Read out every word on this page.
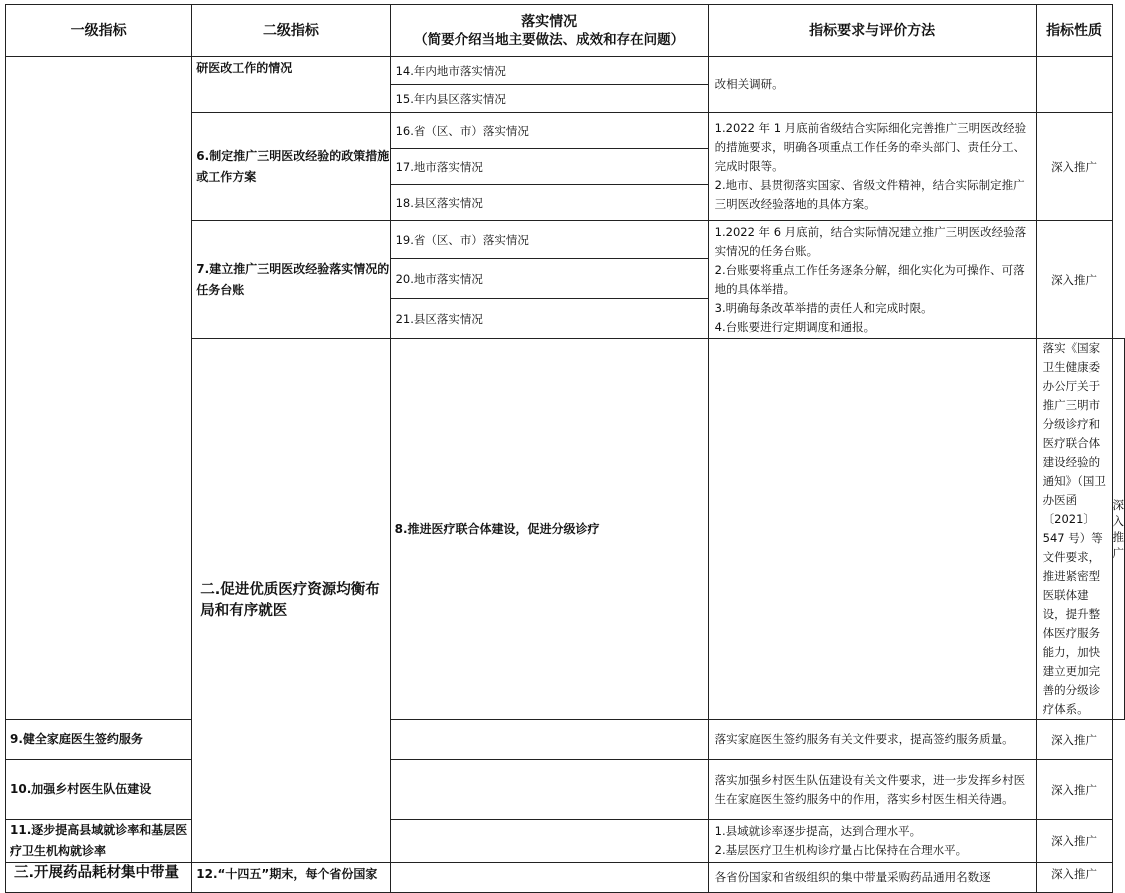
一级指标	二级指标	落实情况
（简要介绍当地主要做法、成效和存在问题）	指标要求与评价方法	指标性质	
	研医改工作的情况	14.年内地市落实情况	改相关调研。		

		15.年内县区落实情况			
	6.制定推广三明医改经验的政策措施或工作方案	16.省（区、市）落实情况	1.2022 年 1 月底前省级结合实际细化完善推广三明医改经验的措施要求，明确各项重点工作任务的牵头部门、责任分工、完成时限等。

2.地市、县贯彻落实国家、省级文件精神，结合实际制定推广三明医改经验落地的具体方案。	深入推广	
		17.地市落实情况			
		18.县区落实情况			
	7.建立推广三明医改经验落实情况的任务台账	19.省（区、市）落实情况	1.2022 年 6 月底前，结合实际情况建立推广三明医改经验落实情况的任务台账。

2.台账要将重点工作任务逐条分解，细化实化为可操作、可落地的具体举措。

3.明确每条改革举措的责任人和完成时限。

4.台账要进行定期调度和通报。	深入推广	
		20.地市落实情况			
		21.县区落实情况			
	二.促进优质医疗资源均衡布局和有序就医	8.推进医疗联合体建设，促进分级诊疗		落实《国家卫生健康委办公厅关于推广三明市分级诊疗和医疗联合体建设经验的通知》（国卫办医函〔2021〕547 号）等文件要求，推进紧密型医联体建设，提升整体医疗服务能力，加快建立更加完善的分级诊疗体系。	深入推广
9.健全家庭医生签约服务			落实家庭医生签约服务有关文件要求，提高签约服务质量。	深入推广	
10.加强乡村医生队伍建设			落实加强乡村医生队伍建设有关文件要求，进一步发挥乡村医生在家庭医生签约服务中的作用，落实乡村医生相关待遇。	深入推广	
11.逐步提高县域就诊率和基层医疗卫生机构就诊率			1.县域就诊率逐步提高，达到合理水平。

2.基层医疗卫生机构诊疗量占比保持在合理水平。	深入推广	
三.开展药品耗材集中带量	12.“十四五”期末，每个省份国家		各省份国家和省级组织的集中带量采购药品通用名数逐	深入推广	
